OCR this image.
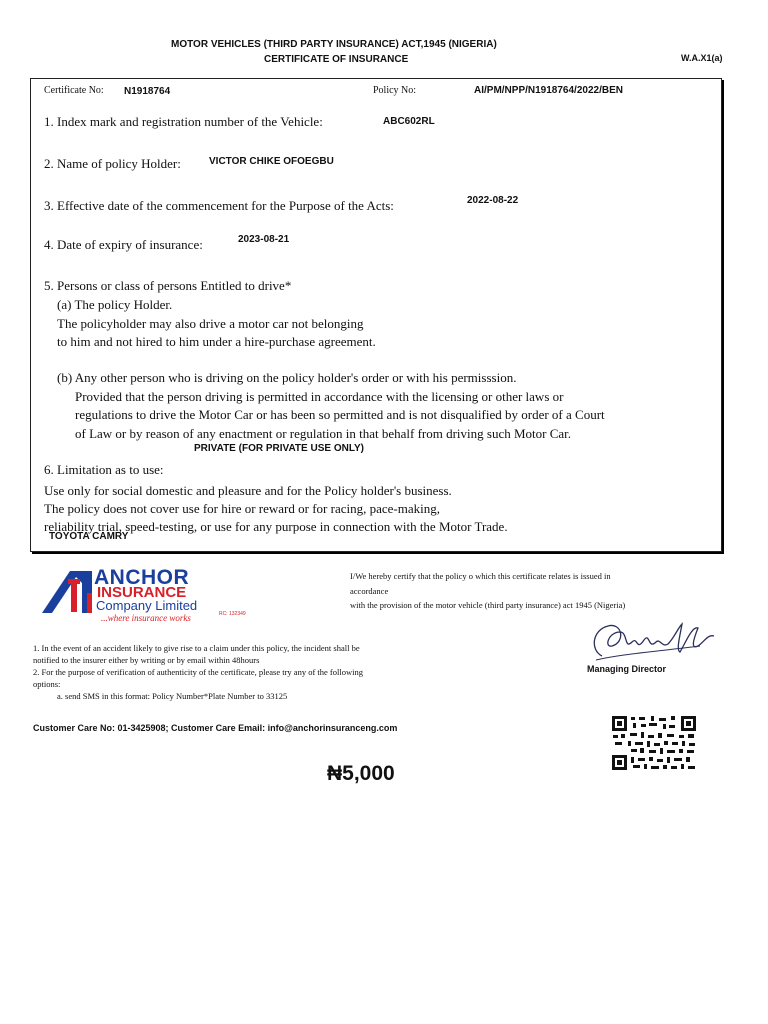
MOTOR VEHICLES (THIRD PARTY INSURANCE) ACT,1945 (NIGERIA)
CERTIFICATE OF INSURANCE	W.A.X1(a)
Certificate No: N1918764	Policy No:	AI/PM/NPP/N1918764/2022/BEN
1. Index mark and registration number of the Vehicle:	ABC602RL
2. Name of policy Holder:	VICTOR CHIKE OFOEGBU
3. Effective date of the commencement for the Purpose of the Acts:	2022-08-22
4. Date of expiry of insurance:	2023-08-21
5. Persons or class of persons Entitled to drive*
(a) The policy Holder.
The policyholder may also drive a motor car not belonging
to him and not hired to him under a hire-purchase agreement.
(b) Any other person who is driving on the policy holder's order or with his permisssion.
Provided that the person driving is permitted in accordance with the licensing or other laws or
regulations to drive the Motor Car or has been so permitted and is not disqualified by order of a Court
of Law or by reason of any enactment or regulation in that behalf from driving such Motor Car.
PRIVATE (FOR PRIVATE USE ONLY)
6. Limitation as to use:
Use only for social domestic and pleasure and for the Policy holder's business.
The policy does not cover use for hire or reward or for racing, pace-making,
reliability trial, speed-testing, or use for any purpose in connection with the Motor Trade.
TOYOTA CAMRY
ANCHOR
INSURANCE
Company Limited
RC: 132349
...where insurance works
I/We hereby certify that the policy o which this certificate relates is issued in
accordance
with the provision of the motor vehicle (third party insurance) act 1945 (Nigeria)
Managing Director
1. In the event of an accident likely to give rise to a claim under this policy, the incident shall be
notified to the insurer either by writing or by email within 48hours
2. For the purpose of verification of authenticity of the certificate, please try any of the following
options:
a. send SMS in this format: Policy Number*Plate Number to 33125
Customer Care No: 01-3425908; Customer Care Email: info@anchorinsuranceng.com
₦5,000
